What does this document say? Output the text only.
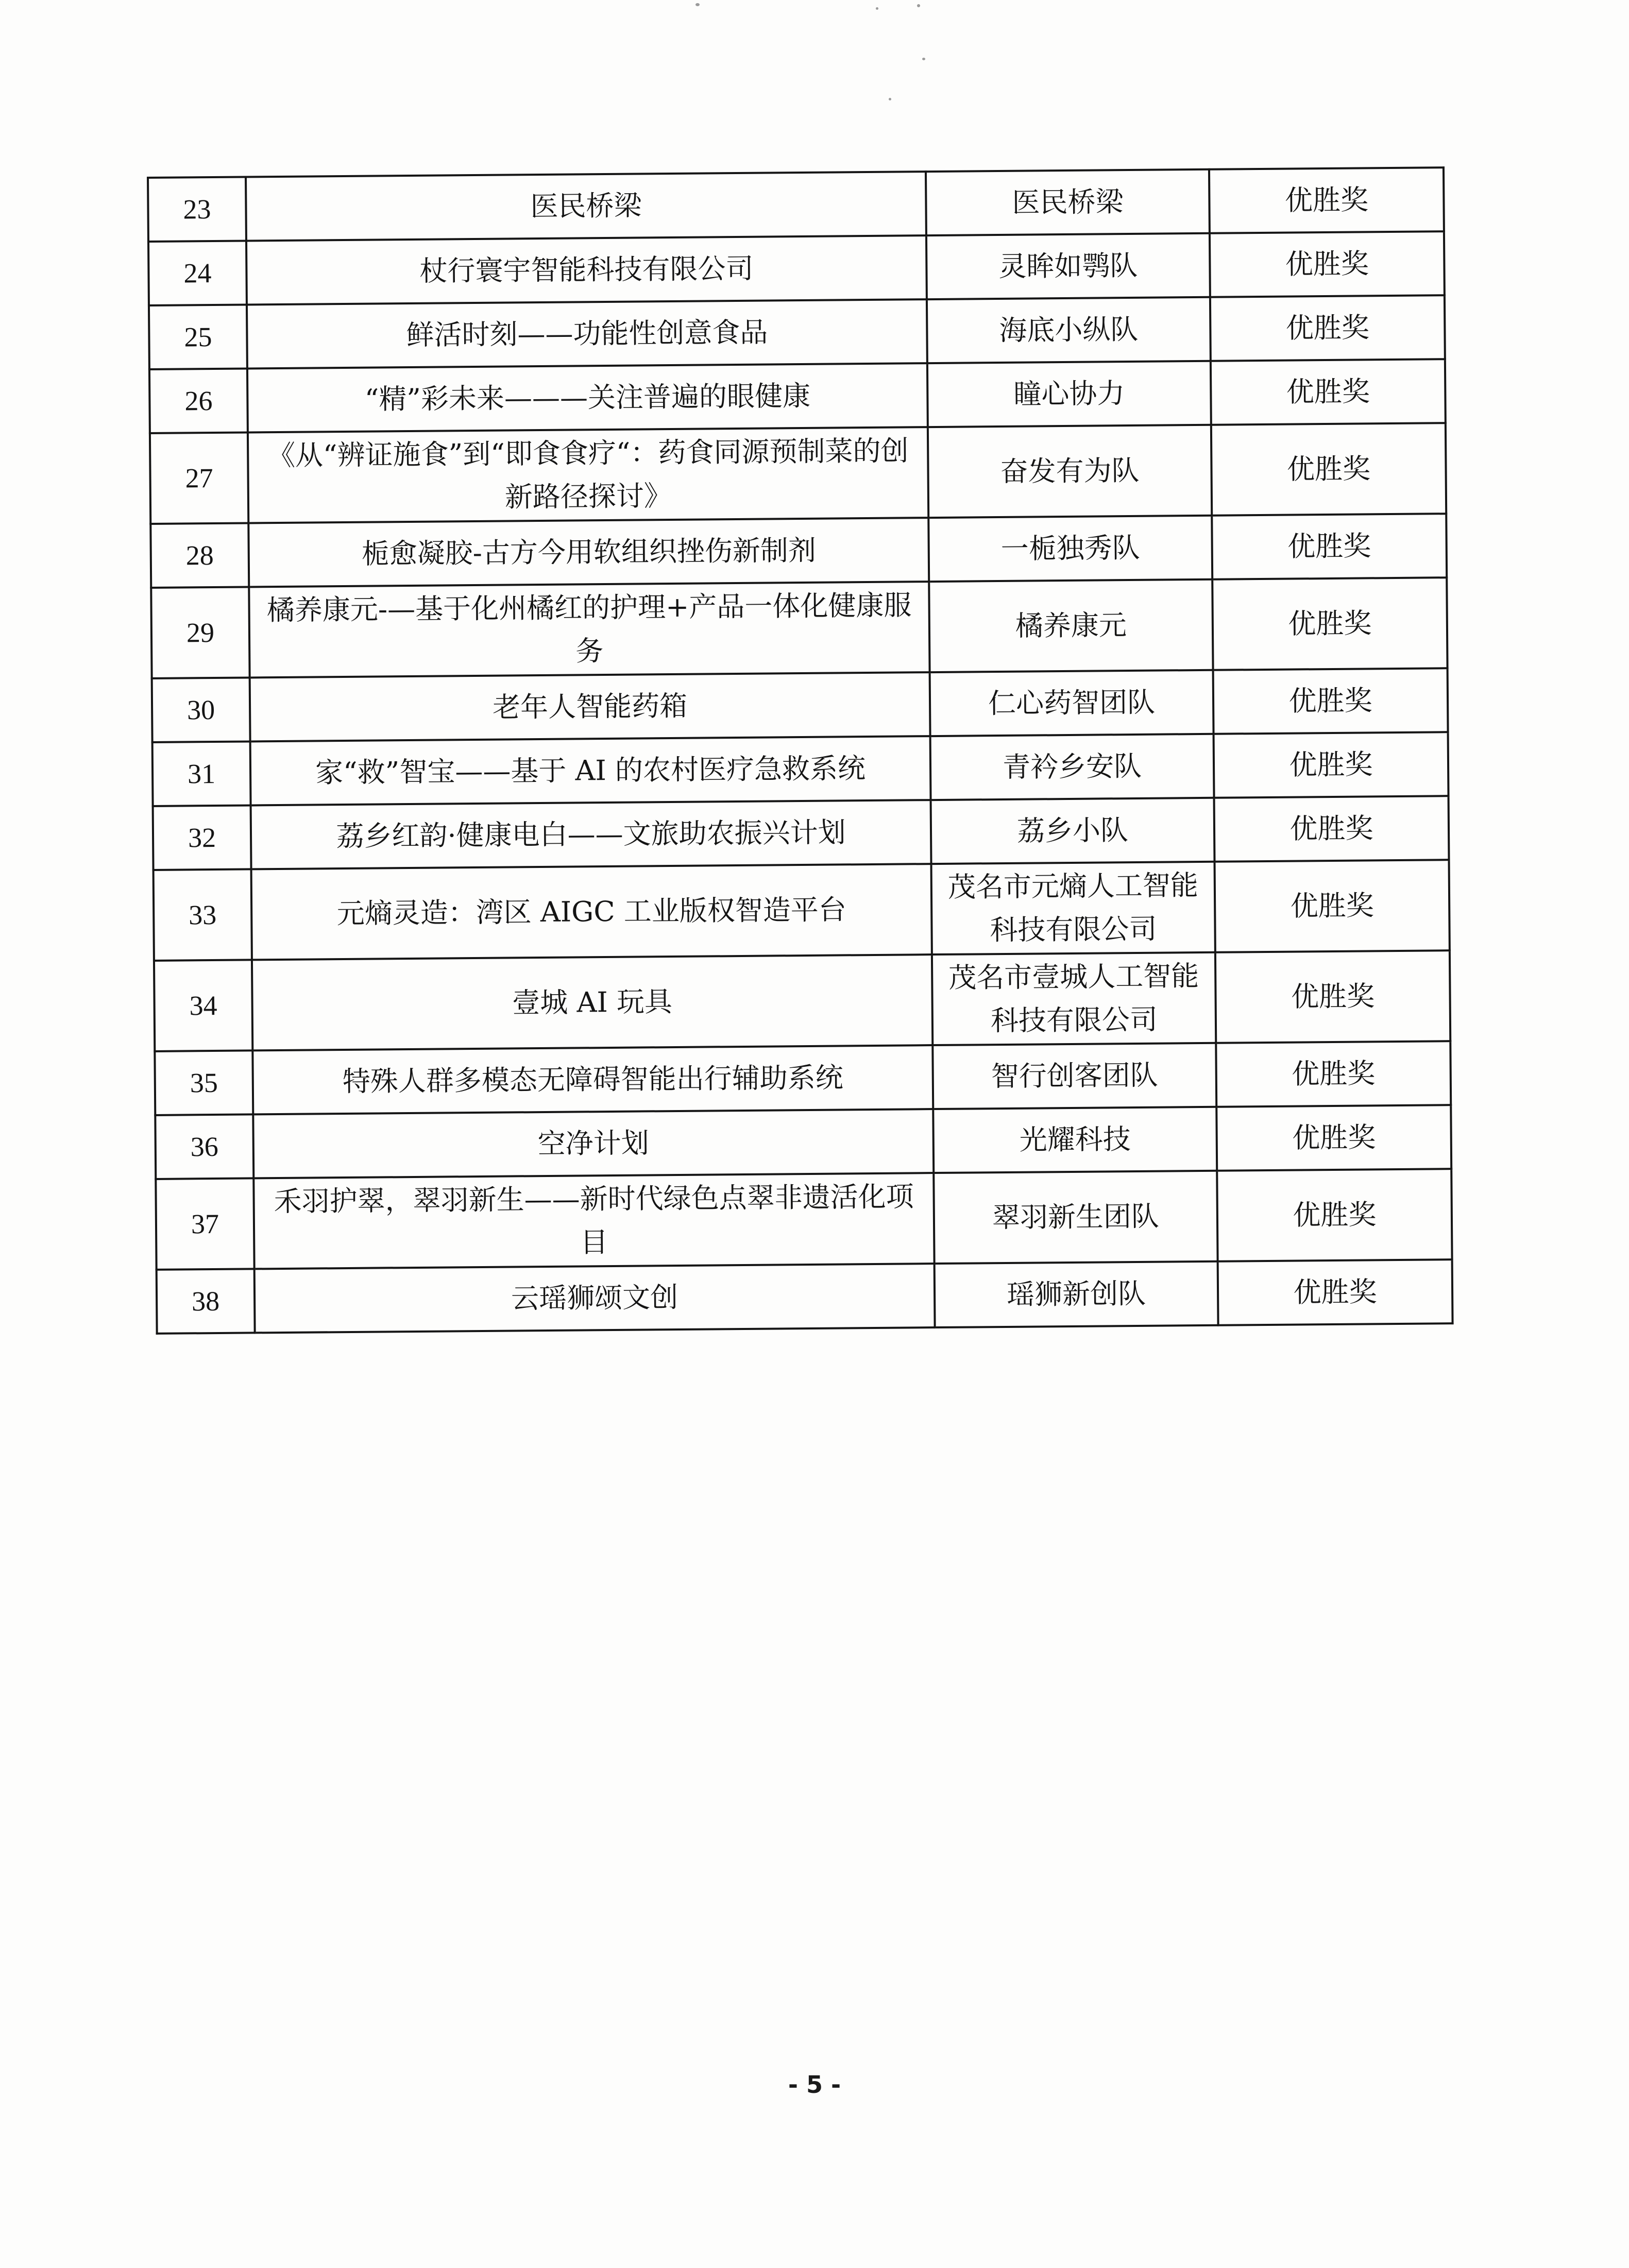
23	医民桥梁	医民桥梁	优胜奖
24	杖行寰宇智能科技有限公司	灵眸如鹗队	优胜奖
25	鲜活时刻——功能性创意食品	海底小纵队	优胜奖
26	“精”彩未来———关注普遍的眼健康	瞳心协力	优胜奖
27	《从“辨证施食”到“即食食疗“：药食同源预制菜的创新路径探讨》	奋发有为队	优胜奖
28	栀愈凝胶-古方今用软组织挫伤新制剂	一栀独秀队	优胜奖
29	橘养康元-—基于化州橘红的护理+产品一体化健康服务	橘养康元	优胜奖
30	老年人智能药箱	仁心药智团队	优胜奖
31	家“救”智宝——基于 AI 的农村医疗急救系统	青衿乡安队	优胜奖
32	荔乡红韵·健康电白——文旅助农振兴计划	荔乡小队	优胜奖
33	元熵灵造：湾区 AIGC 工业版权智造平台	茂名市元熵人工智能科技有限公司	优胜奖
34	壹城 AI 玩具	茂名市壹城人工智能科技有限公司	优胜奖
35	特殊人群多模态无障碍智能出行辅助系统	智行创客团队	优胜奖
36	空净计划	光耀科技	优胜奖
37	禾羽护翠，翠羽新生——新时代绿色点翠非遗活化项目	翠羽新生团队	优胜奖
38	云瑶狮颂文创	瑶狮新创队	优胜奖
- 5 -
